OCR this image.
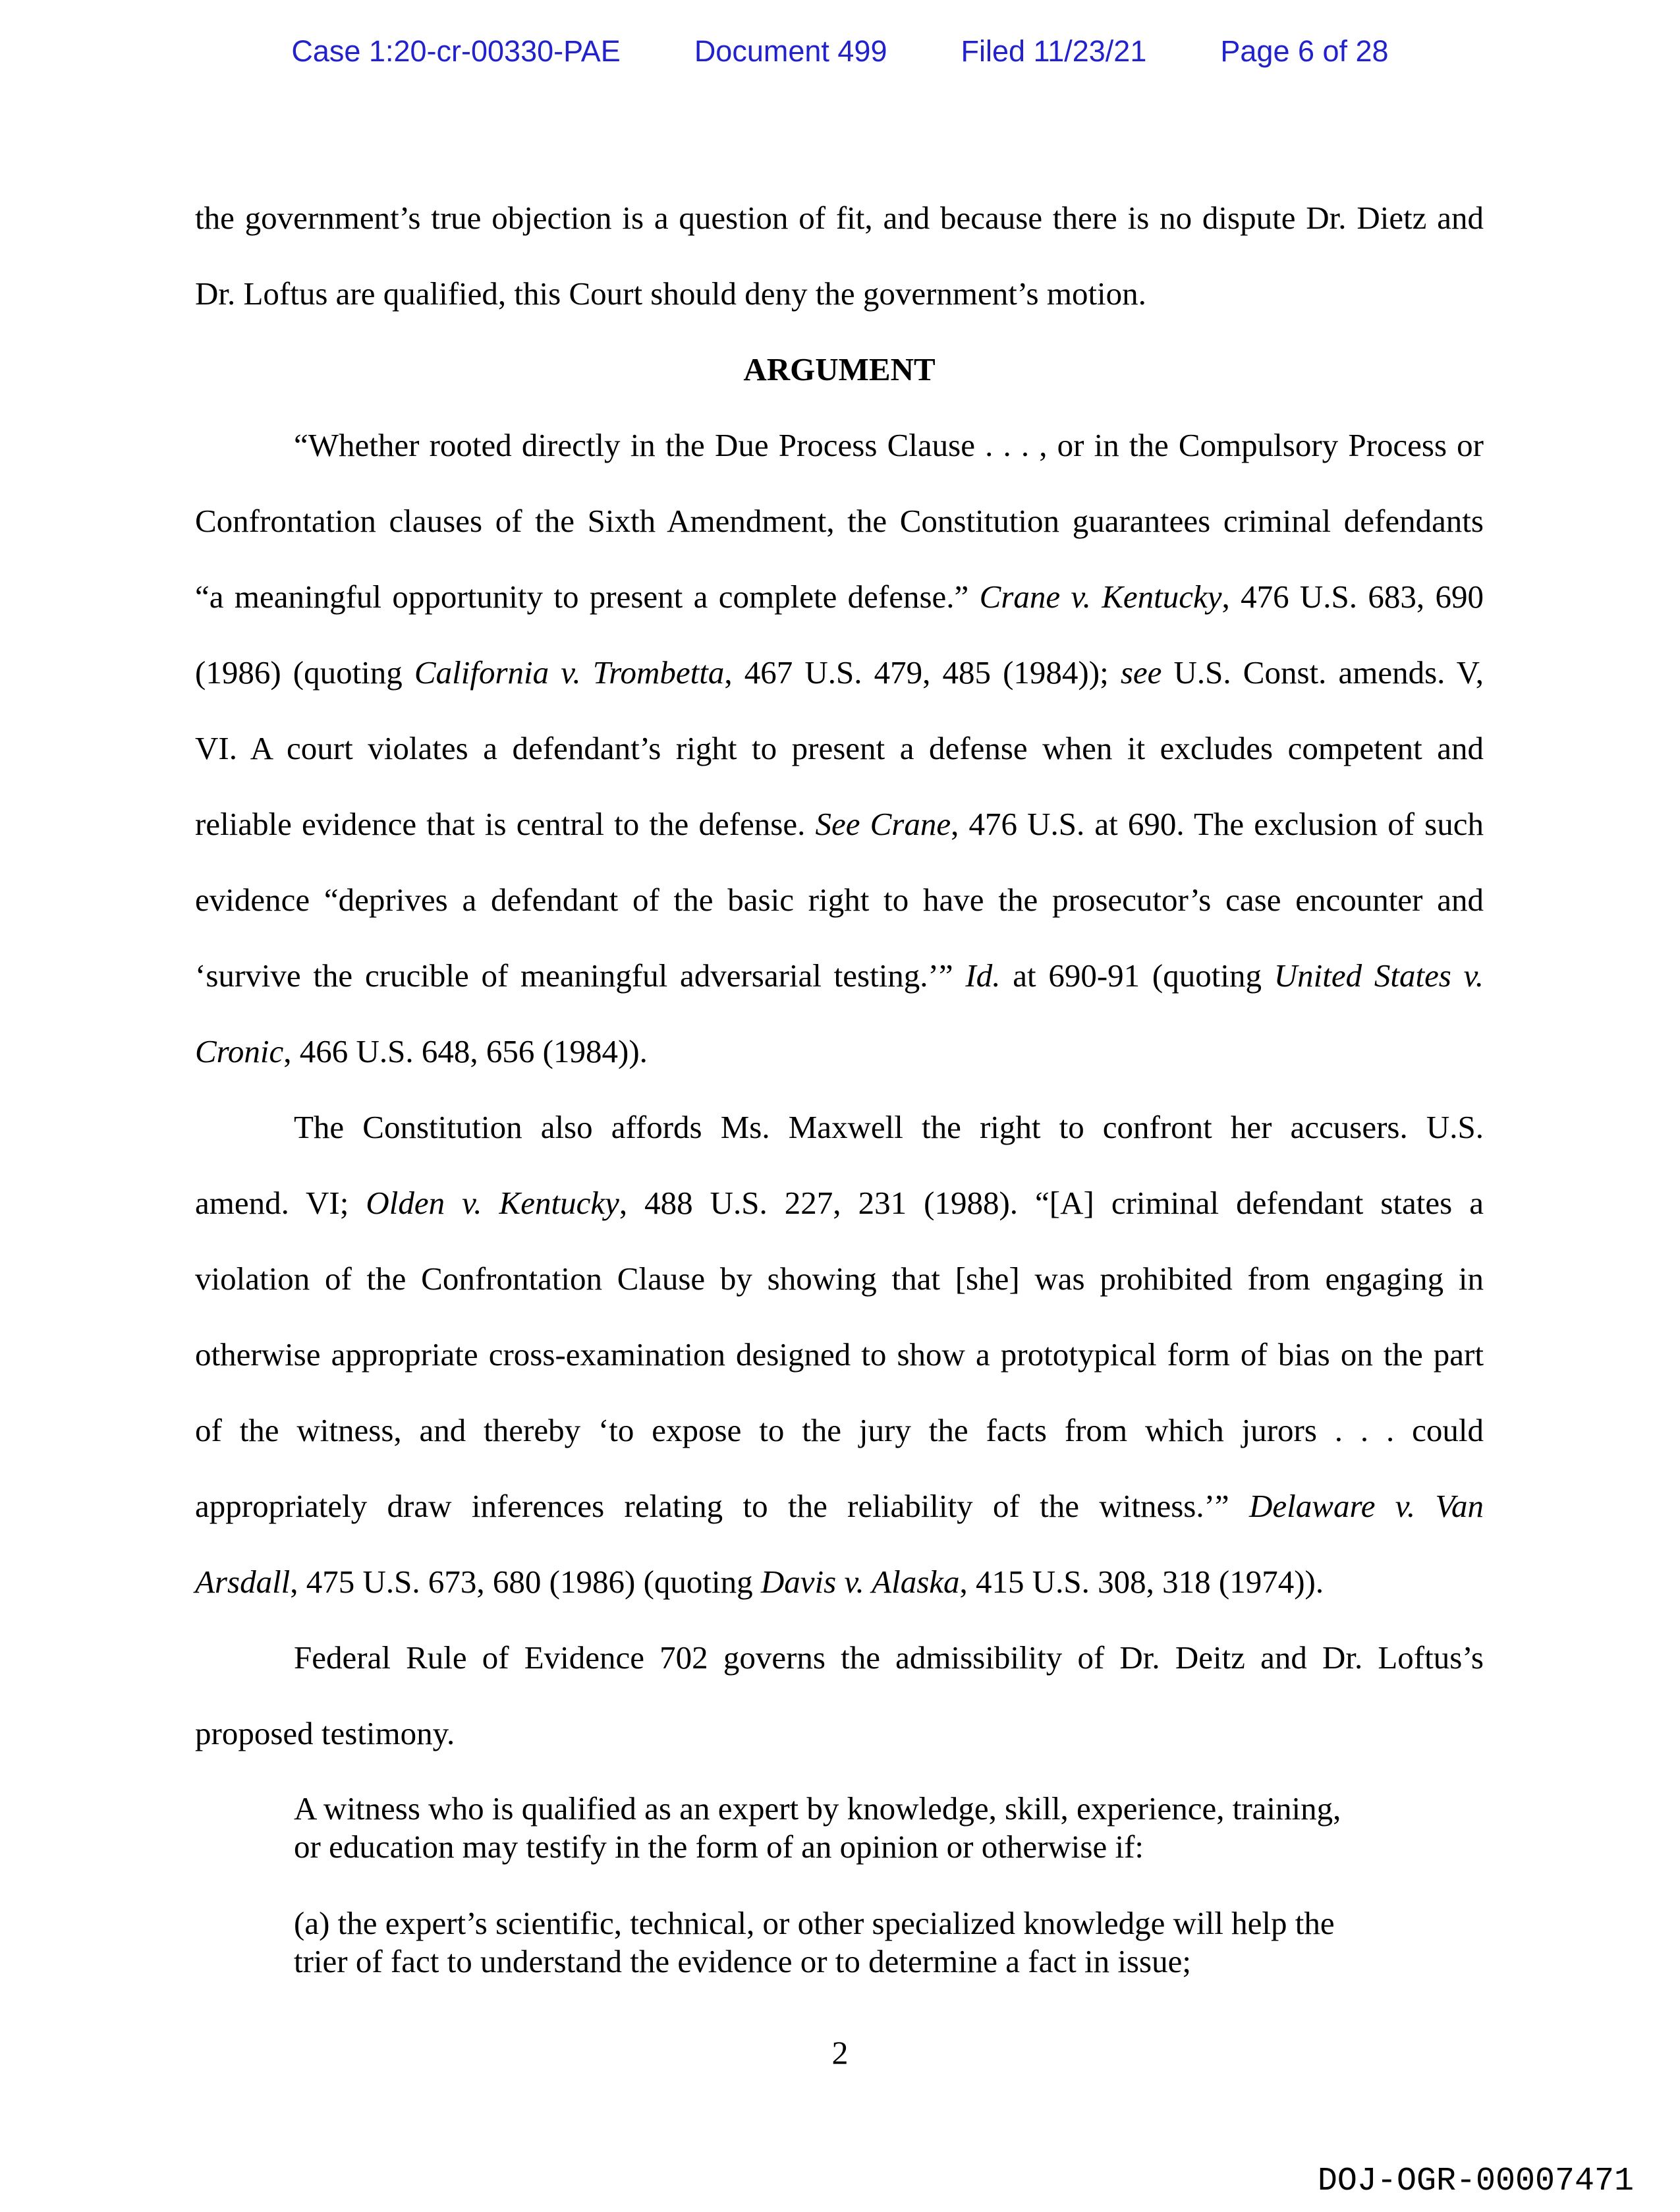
Case 1:20-cr-00330-PAE Document 499 Filed 11/23/21 Page 6 of 28
the government’s true objection is a question of fit, and because there is no dispute Dr. Dietz and
Dr. Loftus are qualified, this Court should deny the government’s motion.
ARGUMENT
“Whether rooted directly in the Due Process Clause . . . , or in the Compulsory Process or
Confrontation clauses of the Sixth Amendment, the Constitution guarantees criminal defendants
“a meaningful opportunity to present a complete defense.” Crane v. Kentucky, 476 U.S. 683, 690
(1986) (quoting California v. Trombetta, 467 U.S. 479, 485 (1984)); see U.S. Const. amends. V,
VI. A court violates a defendant’s right to present a defense when it excludes competent and
reliable evidence that is central to the defense. See Crane, 476 U.S. at 690. The exclusion of such
evidence “deprives a defendant of the basic right to have the prosecutor’s case encounter and
‘survive the crucible of meaningful adversarial testing.’” Id. at 690-91 (quoting United States v.
Cronic, 466 U.S. 648, 656 (1984)).
The Constitution also affords Ms. Maxwell the right to confront her accusers. U.S.
amend. VI; Olden v. Kentucky, 488 U.S. 227, 231 (1988). “[A] criminal defendant states a
violation of the Confrontation Clause by showing that [she] was prohibited from engaging in
otherwise appropriate cross-examination designed to show a prototypical form of bias on the part
of the witness, and thereby ‘to expose to the jury the facts from which jurors . . . could
appropriately draw inferences relating to the reliability of the witness.’” Delaware v. Van
Arsdall, 475 U.S. 673, 680 (1986) (quoting Davis v. Alaska, 415 U.S. 308, 318 (1974)).
Federal Rule of Evidence 702 governs the admissibility of Dr. Deitz and Dr. Loftus’s
proposed testimony.
A witness who is qualified as an expert by knowledge, skill, experience, training,
or education may testify in the form of an opinion or otherwise if:
(a) the expert’s scientific, technical, or other specialized knowledge will help the
trier of fact to understand the evidence or to determine a fact in issue;
2
DOJ-OGR-00007471
